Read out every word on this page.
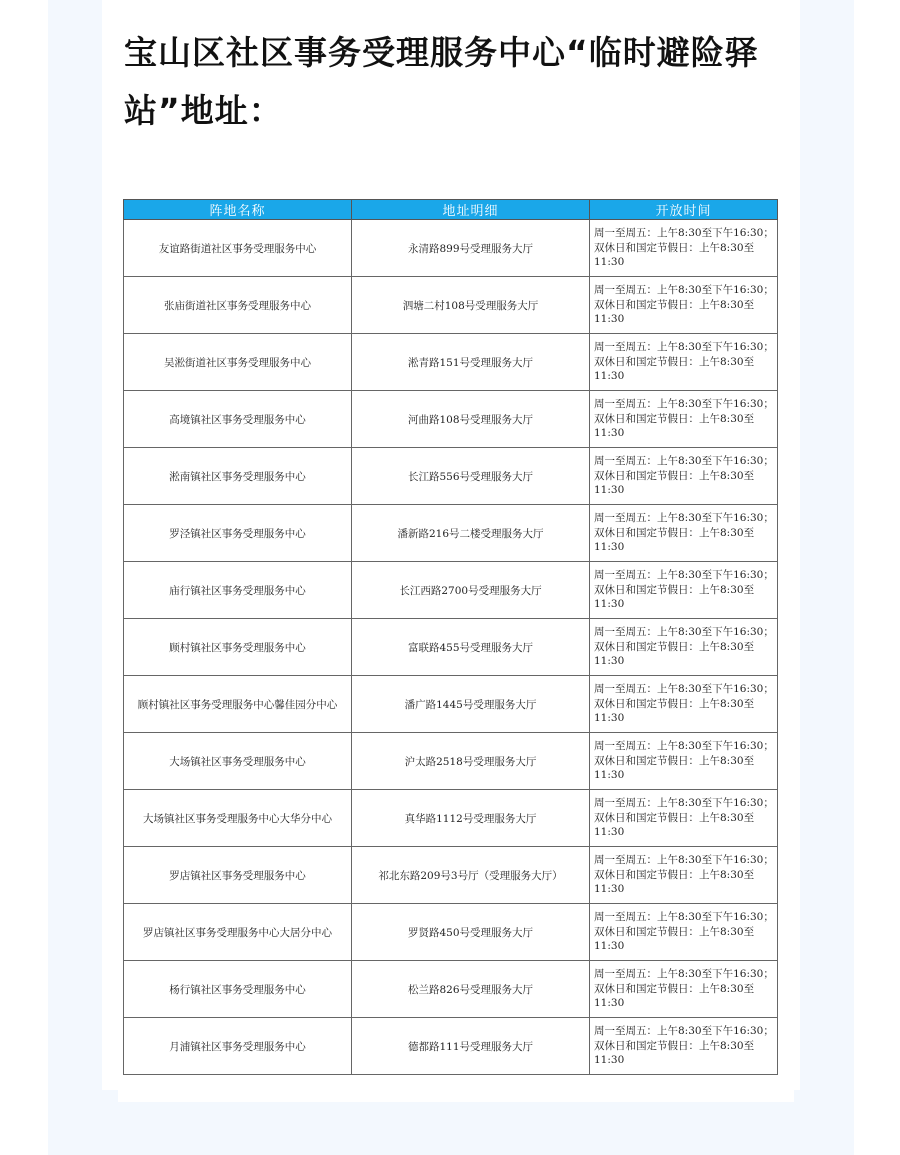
宝山区社区事务受理服务中心“临时避险驿站”地址：
阵地名称	地址明细	开放时间
友谊路街道社区事务受理服务中心	永清路899号受理服务大厅	周一至周五：上午8:30至下午16:30；双休日和国定节假日：上午8:30至11:30
张庙街道社区事务受理服务中心	泗塘二村108号受理服务大厅	周一至周五：上午8:30至下午16:30；双休日和国定节假日：上午8:30至11:30
吴淞街道社区事务受理服务中心	淞青路151号受理服务大厅	周一至周五：上午8:30至下午16:30；双休日和国定节假日：上午8:30至11:30
高境镇社区事务受理服务中心	河曲路108号受理服务大厅	周一至周五：上午8:30至下午16:30；双休日和国定节假日：上午8:30至11:30
淞南镇社区事务受理服务中心	长江路556号受理服务大厅	周一至周五：上午8:30至下午16:30；双休日和国定节假日：上午8:30至11:30
罗泾镇社区事务受理服务中心	潘新路216号二楼受理服务大厅	周一至周五：上午8:30至下午16:30；双休日和国定节假日：上午8:30至11:30
庙行镇社区事务受理服务中心	长江西路2700号受理服务大厅	周一至周五：上午8:30至下午16:30；双休日和国定节假日：上午8:30至11:30
顾村镇社区事务受理服务中心	富联路455号受理服务大厅	周一至周五：上午8:30至下午16:30；双休日和国定节假日：上午8:30至11:30
顾村镇社区事务受理服务中心馨佳园分中心	潘广路1445号受理服务大厅	周一至周五：上午8:30至下午16:30；双休日和国定节假日：上午8:30至11:30
大场镇社区事务受理服务中心	沪太路2518号受理服务大厅	周一至周五：上午8:30至下午16:30；双休日和国定节假日：上午8:30至11:30
大场镇社区事务受理服务中心大华分中心	真华路1112号受理服务大厅	周一至周五：上午8:30至下午16:30；双休日和国定节假日：上午8:30至11:30
罗店镇社区事务受理服务中心	祁北东路209号3号厅（受理服务大厅）	周一至周五：上午8:30至下午16:30；双休日和国定节假日：上午8:30至11:30
罗店镇社区事务受理服务中心大居分中心	罗贤路450号受理服务大厅	周一至周五：上午8:30至下午16:30；双休日和国定节假日：上午8:30至11:30
杨行镇社区事务受理服务中心	松兰路826号受理服务大厅	周一至周五：上午8:30至下午16:30；双休日和国定节假日：上午8:30至11:30
月浦镇社区事务受理服务中心	德都路111号受理服务大厅	周一至周五：上午8:30至下午16:30；双休日和国定节假日：上午8:30至11:30
